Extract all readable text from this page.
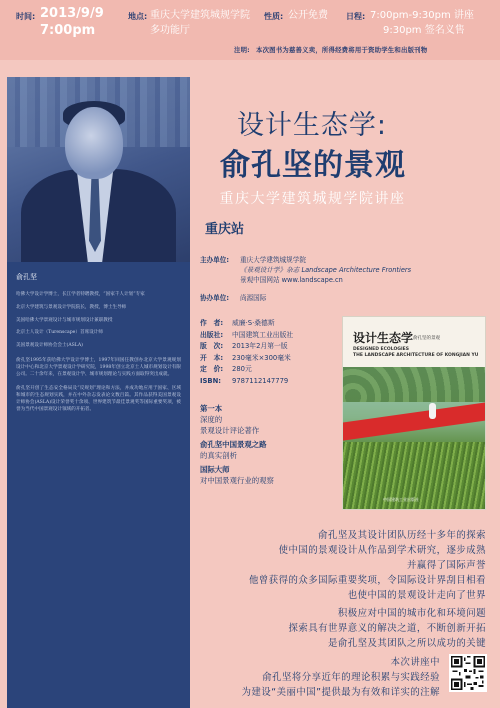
时间: 2013/9/9
7:00pm
地点: 重庆大学建筑城规学院 多功能厅
性质: 公开免费 日程: 7:00pm-9:30pm 讲座
9:30pm 签名义售
注明: 本次图书为慈善义卖，所得经费将用于资助学生和出版刊物
俞孔坚

哈佛大学设计学博士，长江学者特聘教授，“国家千人计划”专家

北京大学建筑与景观设计学院院长，教授，博士生导师

美国哈佛大学景观设计与城市规划设计兼职教授

北京土人设计（Turenscape）首席设计师

美国景观设计师协会会士(ASLA)

俞孔坚1995年获哈佛大学设计学博士，1997年回国任教创办北京大学景观规划设计中心和北京大学景观设计学研究院，1998年创立北京土人城市规划设计有限公司。二十余年来，在景观设计学、城市规划理论与实践方面取得突出成就。

俞孔坚开创了生态安全格局及“反规划”理论和方法，并成功地应用于国家、区域和城市的生态规划实践，并在中外杂志发表论文数百篇。其作品获得美国景观设计师协会(ASLA)设计荣誉奖十余项、世界建筑节最佳景观奖等国际重要奖项，被誉为当代中国景观设计领域的开拓者。

设计生态学:
俞孔坚的景观
重庆大学建筑城规学院讲座
重庆站
主办单位: 重庆大学建筑城规学院
《景观设计学》杂志 Landscape Architecture Frontiers
景观中国网站 www.landscape.cn
协办单位: 尚源国际
作　者:	威廉·S·桑德斯
出版社:	中国建筑工业出版社
版　次:	2013年2月第一版
开　本:	230毫米×300毫米
定　价:	280元
ISBN:	9787112147779
设计生态学 俞孔坚的景观
DESIGNED ECOLOGIES
THE LANDSCAPE ARCHITECTURE OF KONGJIAN YU
中国建筑工业出版社
第一本
深度的
景观设计评论著作
俞孔坚中国景观之路
的真实剖析
国际大师
对中国景观行业的观察
俞孔坚及其设计团队历经十多年的探索
使中国的景观设计从作品到学术研究，逐步成熟
并赢得了国际声誉
他曾获得的众多国际重要奖项，令国际设计界刮目相看
也使中国的景观设计走向了世界
积极应对中国的城市化和环境问题
探索具有世界意义的解决之道，不断创新开拓
是俞孔坚及其团队之所以成功的关键
本次讲座中
俞孔坚将分享近年的理论积累与实践经验
为建设“美丽中国”提供最为有效和详实的注解
